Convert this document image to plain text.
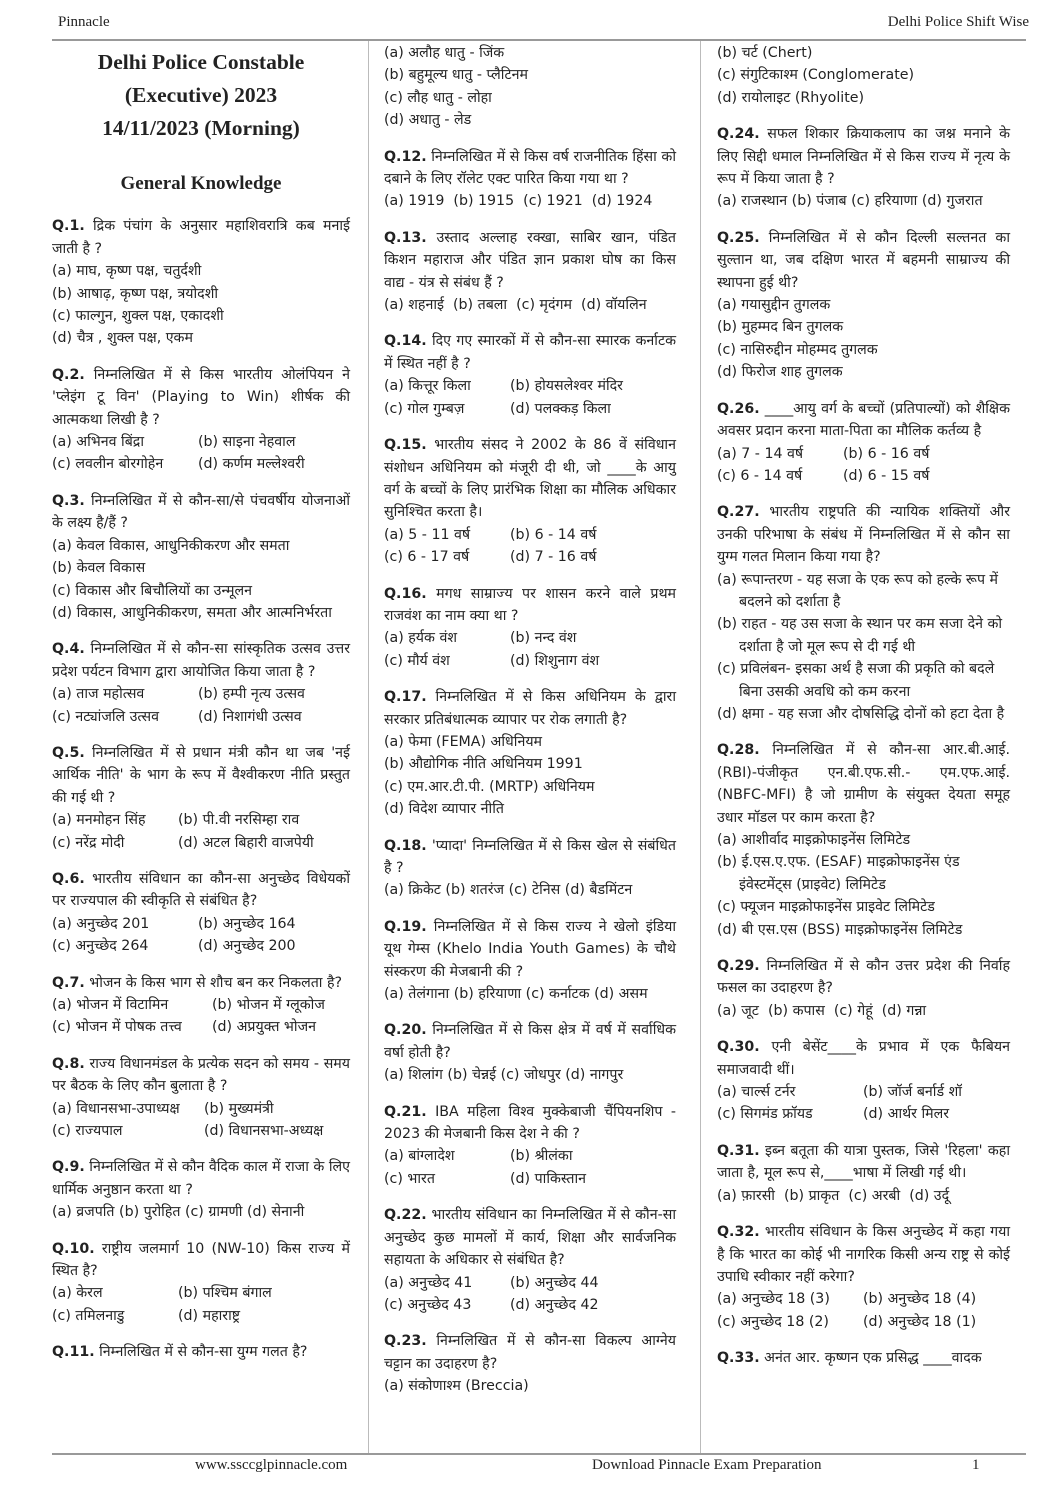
Pinnacle	Delhi Police Shift Wise
Delhi Police Constable
(Executive) 2023
14/11/2023 (Morning)
General Knowledge
Q.1. द्रिक पंचांग के अनुसार महाशिवरात्रि कब मनाई जाती है ?
(a) माघ, कृष्ण पक्ष, चतुर्दशी
(b) आषाढ़, कृष्ण पक्ष, त्रयोदशी
(c) फाल्गुन, शुक्ल पक्ष, एकादशी
(d) चैत्र , शुक्ल पक्ष, एकम
Q.2. निम्नलिखित में से किस भारतीय ओलंपियन ने 'प्लेइंग टू विन' (Playing to Win) शीर्षक की आत्मकथा लिखी है ?
(a) अभिनव बिंद्रा	(b) साइना नेहवाल
(c) लवलीन बोरगोहेन	(d) कर्णम मल्लेश्वरी
Q.3. निम्नलिखित में से कौन-सा/से पंचवर्षीय योजनाओं के लक्ष्य है/हैं ?
(a) केवल विकास, आधुनिकीकरण और समता
(b) केवल विकास
(c) विकास और बिचौलियों का उन्मूलन
(d) विकास, आधुनिकीकरण, समता और आत्मनिर्भरता
Q.4. निम्नलिखित में से कौन-सा सांस्कृतिक उत्सव उत्तर प्रदेश पर्यटन विभाग द्वारा आयोजित किया जाता है ?
(a) ताज महोत्सव	(b) हम्पी नृत्य उत्सव
(c) नट्यांजलि उत्सव	(d) निशागंधी उत्सव
Q.5. निम्नलिखित में से प्रधान मंत्री कौन था जब 'नई आर्थिक नीति' के भाग के रूप में वैश्वीकरण नीति प्रस्तुत की गई थी ?
(a) मनमोहन सिंह	(b) पी.वी नरसिम्हा राव
(c) नरेंद्र मोदी	(d) अटल बिहारी वाजपेयी
Q.6. भारतीय संविधान का कौन-सा अनुच्छेद विधेयकों पर राज्यपाल की स्वीकृति से संबंधित है?
(a) अनुच्छेद 201	(b) अनुच्छेद 164
(c) अनुच्छेद 264	(d) अनुच्छेद 200
Q.7. भोजन के किस भाग से शौच बन कर निकलता है?
(a) भोजन में विटामिन	(b) भोजन में ग्लूकोज
(c) भोजन में पोषक तत्त्व	(d) अप्रयुक्त भोजन
Q.8. राज्य विधानमंडल के प्रत्येक सदन को समय - समय पर बैठक के लिए कौन बुलाता है ?
(a) विधानसभा-उपाध्यक्ष	(b) मुख्यमंत्री
(c) राज्यपाल	(d) विधानसभा-अध्यक्ष
Q.9. निम्नलिखित में से कौन वैदिक काल में राजा के लिए धार्मिक अनुष्ठान करता था ?
(a) व्रजपति (b) पुरोहित (c) ग्रामणी (d) सेनानी
Q.10. राष्ट्रीय जलमार्ग 10 (NW-10) किस राज्य में स्थित है?
(a) केरल	(b) पश्चिम बंगाल
(c) तमिलनाडु	(d) महाराष्ट्र
Q.11. निम्नलिखित में से कौन-सा युग्म गलत है?
(a) अलौह धातु - जिंक
(b) बहुमूल्य धातु - प्लैटिनम
(c) लौह धातु - लोहा
(d) अधातु - लेड
Q.12. निम्नलिखित में से किस वर्ष राजनीतिक हिंसा को दबाने के लिए रॉलेट एक्ट पारित किया गया था ?
(a) 1919 (b) 1915 (c) 1921 (d) 1924
Q.13. उस्ताद अल्लाह रक्खा, साबिर खान, पंडित किशन महाराज और पंडित ज्ञान प्रकाश घोष का किस वाद्य - यंत्र से संबंध हैं ?
(a) शहनाई (b) तबला (c) मृदंगम (d) वॉयलिन
Q.14. दिए गए स्मारकों में से कौन-सा स्मारक कर्नाटक में स्थित नहीं है ?
(a) कित्तूर किला	(b) होयसलेश्वर मंदिर
(c) गोल गुम्बज़	(d) पलक्कड़ किला
Q.15. भारतीय संसद ने 2002 के 86 वें संविधान संशोधन अधिनियम को मंजूरी दी थी, जो ____के आयु वर्ग के बच्चों के लिए प्रारंभिक शिक्षा का मौलिक अधिकार सुनिश्चित करता है।
(a) 5 - 11 वर्ष	(b) 6 - 14 वर्ष
(c) 6 - 17 वर्ष	(d) 7 - 16 वर्ष
Q.16. मगध साम्राज्य पर शासन करने वाले प्रथम राजवंश का नाम क्या था ?
(a) हर्यक वंश	(b) नन्द वंश
(c) मौर्य वंश	(d) शिशुनाग वंश
Q.17. निम्नलिखित में से किस अधिनियम के द्वारा सरकार प्रतिबंधात्मक व्यापार पर रोक लगाती है?
(a) फेमा (FEMA) अधिनियम
(b) औद्योगिक नीति अधिनियम 1991
(c) एम.आर.टी.पी. (MRTP) अधिनियम
(d) विदेश व्यापार नीति
Q.18. 'प्यादा' निम्नलिखित में से किस खेल से संबंधित है ?
(a) क्रिकेट (b) शतरंज (c) टेनिस (d) बैडमिंटन
Q.19. निम्नलिखित में से किस राज्य ने खेलो इंडिया यूथ गेम्स (Khelo India Youth Games) के चौथे संस्करण की मेजबानी की ?
(a) तेलंगाना (b) हरियाणा (c) कर्नाटक (d) असम
Q.20. निम्नलिखित में से किस क्षेत्र में वर्ष में सर्वाधिक वर्षा होती है?
(a) शिलांग (b) चेन्नई (c) जोधपुर (d) नागपुर
Q.21. IBA महिला विश्व मुक्केबाजी चैंपियनशिप - 2023 की मेजबानी किस देश ने की ?
(a) बांग्लादेश	(b) श्रीलंका
(c) भारत	(d) पाकिस्तान
Q.22. भारतीय संविधान का निम्नलिखित में से कौन-सा अनुच्छेद कुछ मामलों में कार्य, शिक्षा और सार्वजनिक सहायता के अधिकार से संबंधित है?
(a) अनुच्छेद 41	(b) अनुच्छेद 44
(c) अनुच्छेद 43	(d) अनुच्छेद 42
Q.23. निम्नलिखित में से कौन-सा विकल्प आग्नेय चट्टान का उदाहरण है?
(a) संकोणाश्म (Breccia)
(b) चर्ट (Chert)
(c) संगुटिकाश्म (Conglomerate)
(d) रायोलाइट (Rhyolite)
Q.24. सफल शिकार क्रियाकलाप का जश्न मनाने के लिए सिद्दी धमाल निम्नलिखित में से किस राज्य में नृत्य के रूप में किया जाता है ?
(a) राजस्थान (b) पंजाब (c) हरियाणा (d) गुजरात
Q.25. निम्नलिखित में से कौन दिल्ली सल्तनत का सुल्तान था, जब दक्षिण भारत में बहमनी साम्राज्य की स्थापना हुई थी?
(a) गयासुद्दीन तुगलक
(b) मुहम्मद बिन तुगलक
(c) नासिरुद्दीन मोहम्मद तुगलक
(d) फिरोज शाह तुगलक
Q.26. ____आयु वर्ग के बच्चों (प्रतिपाल्यों) को शैक्षिक अवसर प्रदान करना माता-पिता का मौलिक कर्तव्य है
(a) 7 - 14 वर्ष	(b) 6 - 16 वर्ष
(c) 6 - 14 वर्ष	(d) 6 - 15 वर्ष
Q.27. भारतीय राष्ट्रपति की न्यायिक शक्तियों और उनकी परिभाषा के संबंध में निम्नलिखित में से कौन सा युग्म गलत मिलान किया गया है?
(a) रूपान्तरण - यह सजा के एक रूप को हल्के रूप में बदलने को दर्शाता है
(b) राहत - यह उस सजा के स्थान पर कम सजा देने को दर्शाता है जो मूल रूप से दी गई थी
(c) प्रविलंबन- इसका अर्थ है सजा की प्रकृति को बदले बिना उसकी अवधि को कम करना
(d) क्षमा - यह सजा और दोषसिद्धि दोनों को हटा देता है
Q.28. निम्नलिखित में से कौन-सा आर.बी.आई. (RBI)-पंजीकृत एन.बी.एफ.सी.- एम.एफ.आई. (NBFC-MFI) है जो ग्रामीण के संयुक्त देयता समूह उधार मॉडल पर काम करता है?
(a) आशीर्वाद माइक्रोफाइनेंस लिमिटेड
(b) ई.एस.ए.एफ. (ESAF) माइक्रोफाइनेंस एंड इंवेस्टमेंट्स (प्राइवेट) लिमिटेड
(c) फ्यूजन माइक्रोफाइनेंस प्राइवेट लिमिटेड
(d) बी एस.एस (BSS) माइक्रोफाइनेंस लिमिटेड
Q.29. निम्नलिखित में से कौन उत्तर प्रदेश की निर्वाह फसल का उदाहरण है?
(a) जूट (b) कपास (c) गेहूं (d) गन्ना
Q.30. एनी बेसेंट____के प्रभाव में एक फैबियन समाजवादी थीं।
(a) चार्ल्स टर्नर	(b) जॉर्ज बर्नार्ड शॉ
(c) सिगमंड फ्रॉयड	(d) आर्थर मिलर
Q.31. इब्न बतूता की यात्रा पुस्तक, जिसे 'रिहला' कहा जाता है, मूल रूप से,____भाषा में लिखी गई थी।
(a) फ़ारसी (b) प्राकृत (c) अरबी (d) उर्दू
Q.32. भारतीय संविधान के किस अनुच्छेद में कहा गया है कि भारत का कोई भी नागरिक किसी अन्य राष्ट्र से कोई उपाधि स्वीकार नहीं करेगा?
(a) अनुच्छेद 18 (3)	(b) अनुच्छेद 18 (4)
(c) अनुच्छेद 18 (2)	(d) अनुच्छेद 18 (1)
Q.33. अनंत आर. कृष्णन एक प्रसिद्ध ____वादक
www.ssccglpinnacle.com	Download Pinnacle Exam Preparation	1
